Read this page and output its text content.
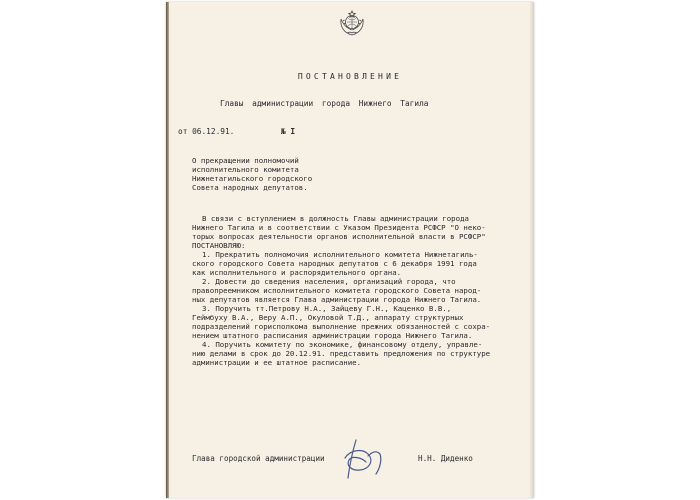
ПОСТАНОВЛЕНИЕ
Главы администрации города Нижнего Тагила
от 06.12.91.	№ I
О прекращении полномочий
исполнительного комитета
Нижнетагильского городского
Совета народных депутатов.
В связи с вступлением в должность Главы администрации города
Нижнего Тагила и в соответствии с Указом Президента РСФСР "О неко-
торых вопросах деятельности органов исполнительной власти в РСФСР"
ПОСТАНОВЛЯЮ:
1. Прекратить полномочия исполнительного комитета Нижнетагиль-
ского городского Совета народных депутатов с 6 декабря 1991 года
как исполнительного и распорядительного органа.
2. Довести до сведения населения, организаций города, что
правопреемником исполнительного комитета городского Совета народ-
ных депутатов является Глава администрации города Нижнего Тагила.
3. Поручить тт.Петрову Н.А., Зайцеву Г.Н., Каценко В.В.,
Геймбуху В.А., Веру А.П., Окуловой Т.Д., аппарату структурных
подразделений горисполкома выполнение прежних обязанностей с сохра-
нением штатного расписания администрации города Нижнего Тагила.
4. Поручить комитету по экономике, финансовому отделу, управле-
нию делами в срок до 20.12.91. представить предложения по структуре
администрации и ее штатное расписание.
Глава городской администрации	Н.Н. Диденко
